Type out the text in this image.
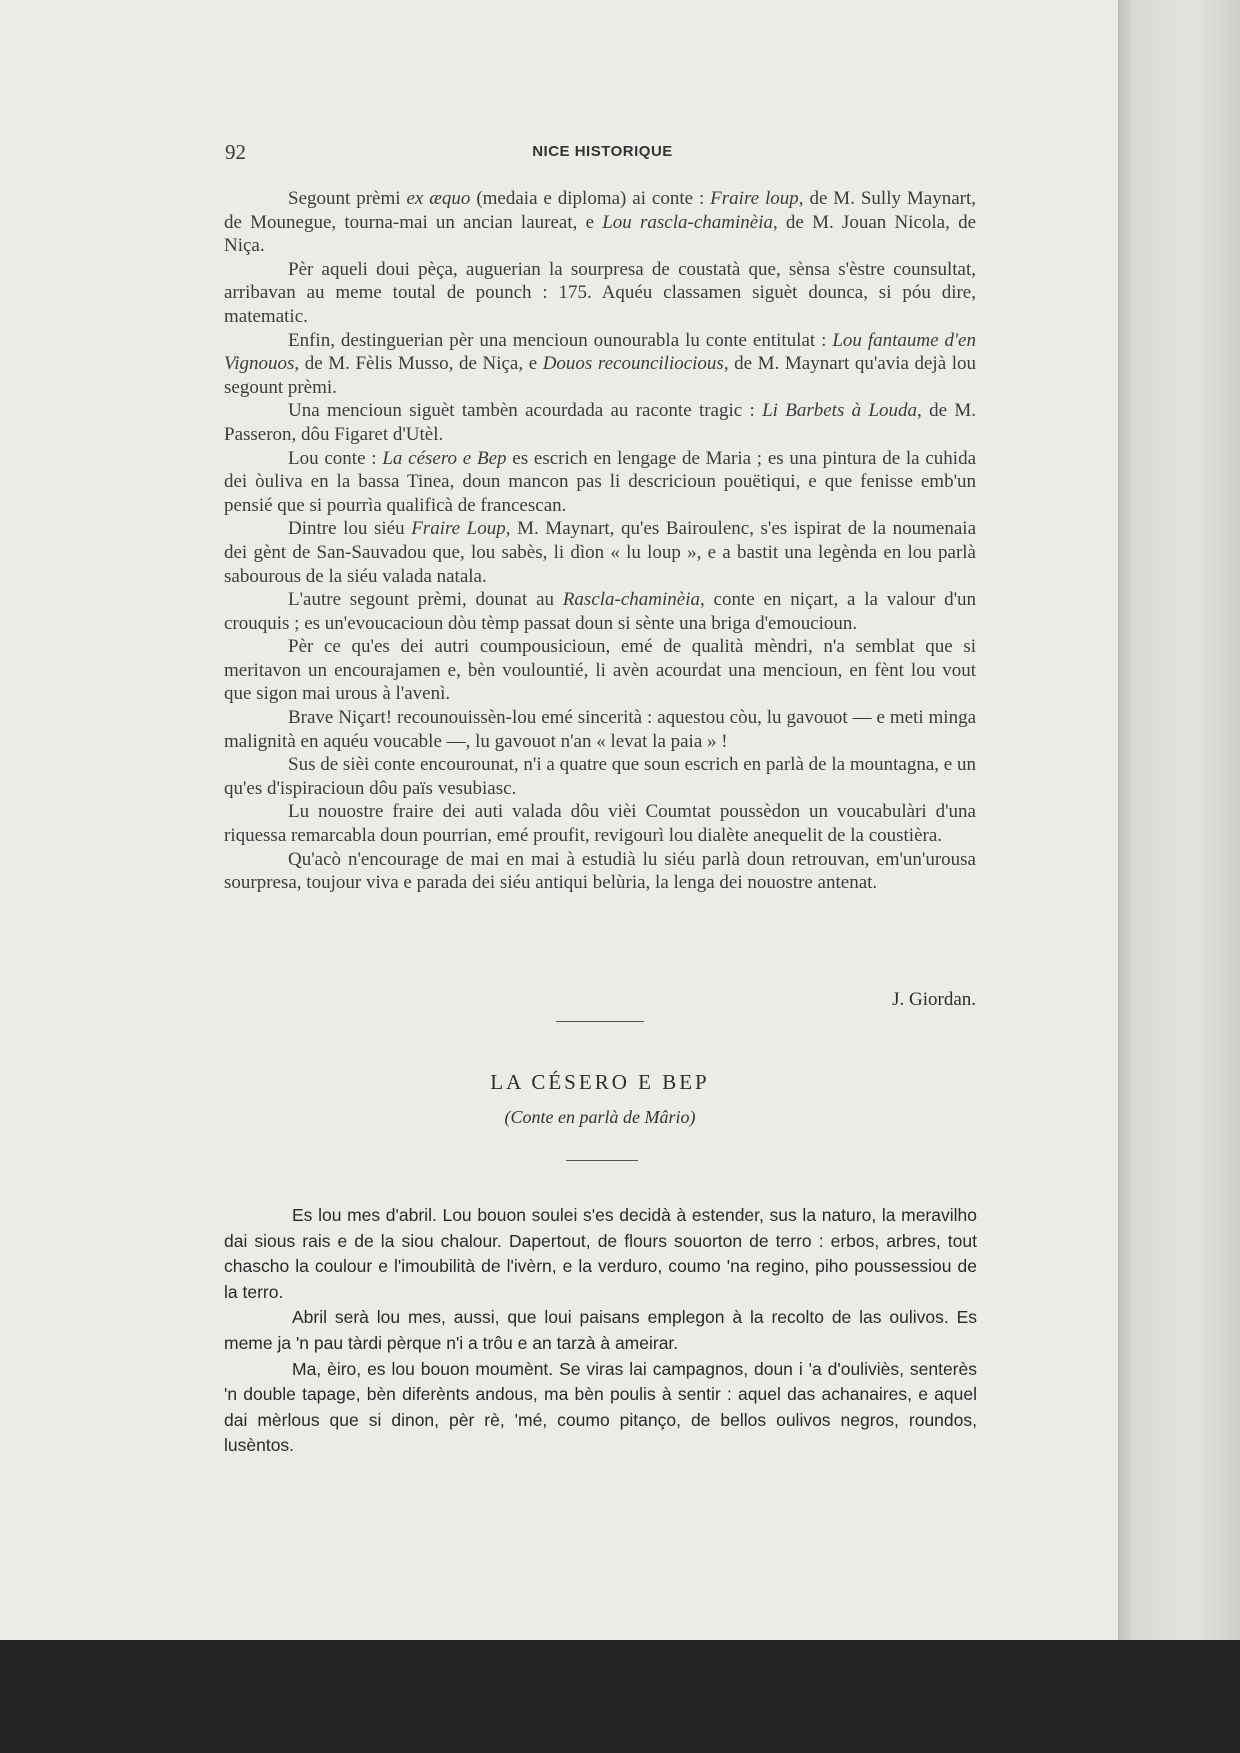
92	NICE HISTORIQUE

Segount prèmi ex æquo (medaia e diploma) ai conte : Fraire loup, de M. Sully Maynart, de Mounegue, tourna-mai un ancian laureat, e Lou rascla-chaminèia, de M. Jouan Nicola, de Niça.

Pèr aqueli doui pèça, auguerian la sourpresa de coustatà que, sènsa s'èstre counsultat, arribavan au meme toutal de pounch : 175. Aquéu classamen siguèt dounca, si póu dire, matematic.

Enfin, destinguerian pèr una mencioun ounourabla lu conte entitulat : Lou fantaume d'en Vignouos, de M. Fèlis Musso, de Niça, e Douos recounciliocious, de M. Maynart qu'avia dejà lou segount prèmi.

Una mencioun siguèt tambèn acourdada au raconte tragic : Li Barbets à Louda, de M. Passeron, dôu Figaret d'Utèl.

Lou conte : La césero e Bep es escrich en lengage de Maria ; es una pintura de la cuhida dei òuliva en la bassa Tinea, doun mancon pas li descricioun pouëtiqui, e que fenisse emb'un pensié que si pourrìa qualificà de francescan.

Dintre lou siéu Fraire Loup, M. Maynart, qu'es Bairoulenc, s'es ispirat de la noumenaia dei gènt de San-Sauvadou que, lou sabès, li dìon « lu loup », e a bastit una legènda en lou parlà sabourous de la siéu valada natala.

L'autre segount prèmi, dounat au Rascla-chaminèia, conte en niçart, a la valour d'un crouquis ; es un'evoucacioun dòu tèmp passat doun si sènte una briga d'emoucioun.

Pèr ce qu'es dei autri coumpousicioun, emé de qualità mèndri, n'a semblat que si meritavon un encourajamen e, bèn voulountié, li avèn acourdat una mencioun, en fènt lou vout que sigon mai urous à l'avenì.

Brave Niçart! recounouissèn-lou emé sincerità : aquestou còu, lu gavouot — e meti minga malignità en aquéu voucable —, lu gavouot n'an « levat la paia » !

Sus de sièi conte encourounat, n'i a quatre que soun escrich en parlà de la mountagna, e un qu'es d'ispiracioun dôu païs vesubiasc.

Lu nouostre fraire dei auti valada dôu vièi Coumtat poussèdon un voucabulàri d'una riquessa remarcabla doun pourrian, emé proufit, revigourì lou dialète anequelit de la coustièra.

Qu'acò n'encourage de mai en mai à estudià lu siéu parlà doun retrouvan, em'un'urousa sourpresa, toujour viva e parada dei siéu antiqui belùria, la lenga dei nouostre antenat.

J. Giordan.
LA CÉSERO E BEP
(Conte en parlà de Mârio)

Es lou mes d'abril. Lou bouon soulei s'es decidà à estender, sus la naturo, la meravilho dai sious rais e de la siou chalour. Dapertout, de flours souorton de terro : erbos, arbres, tout chascho la coulour e l'imoubilità de l'ivèrn, e la verduro, coumo 'na regino, piho poussessiou de la terro.

Abril serà lou mes, aussi, que loui paisans emplegon à la recolto de las oulivos. Es meme ja 'n pau tàrdi pèrque n'i a trôu e an tarzà à ameirar.

Ma, èiro, es lou bouon moumènt. Se viras lai campagnos, doun i 'a d'ouliviès, senterès 'n double tapage, bèn diferènts andous, ma bèn poulis à sentir : aquel das achanaires, e aquel dai mèrlous que si dinon, pèr rè, 'mé, coumo pitanço, de bellos oulivos negros, roundos, lusèntos.
